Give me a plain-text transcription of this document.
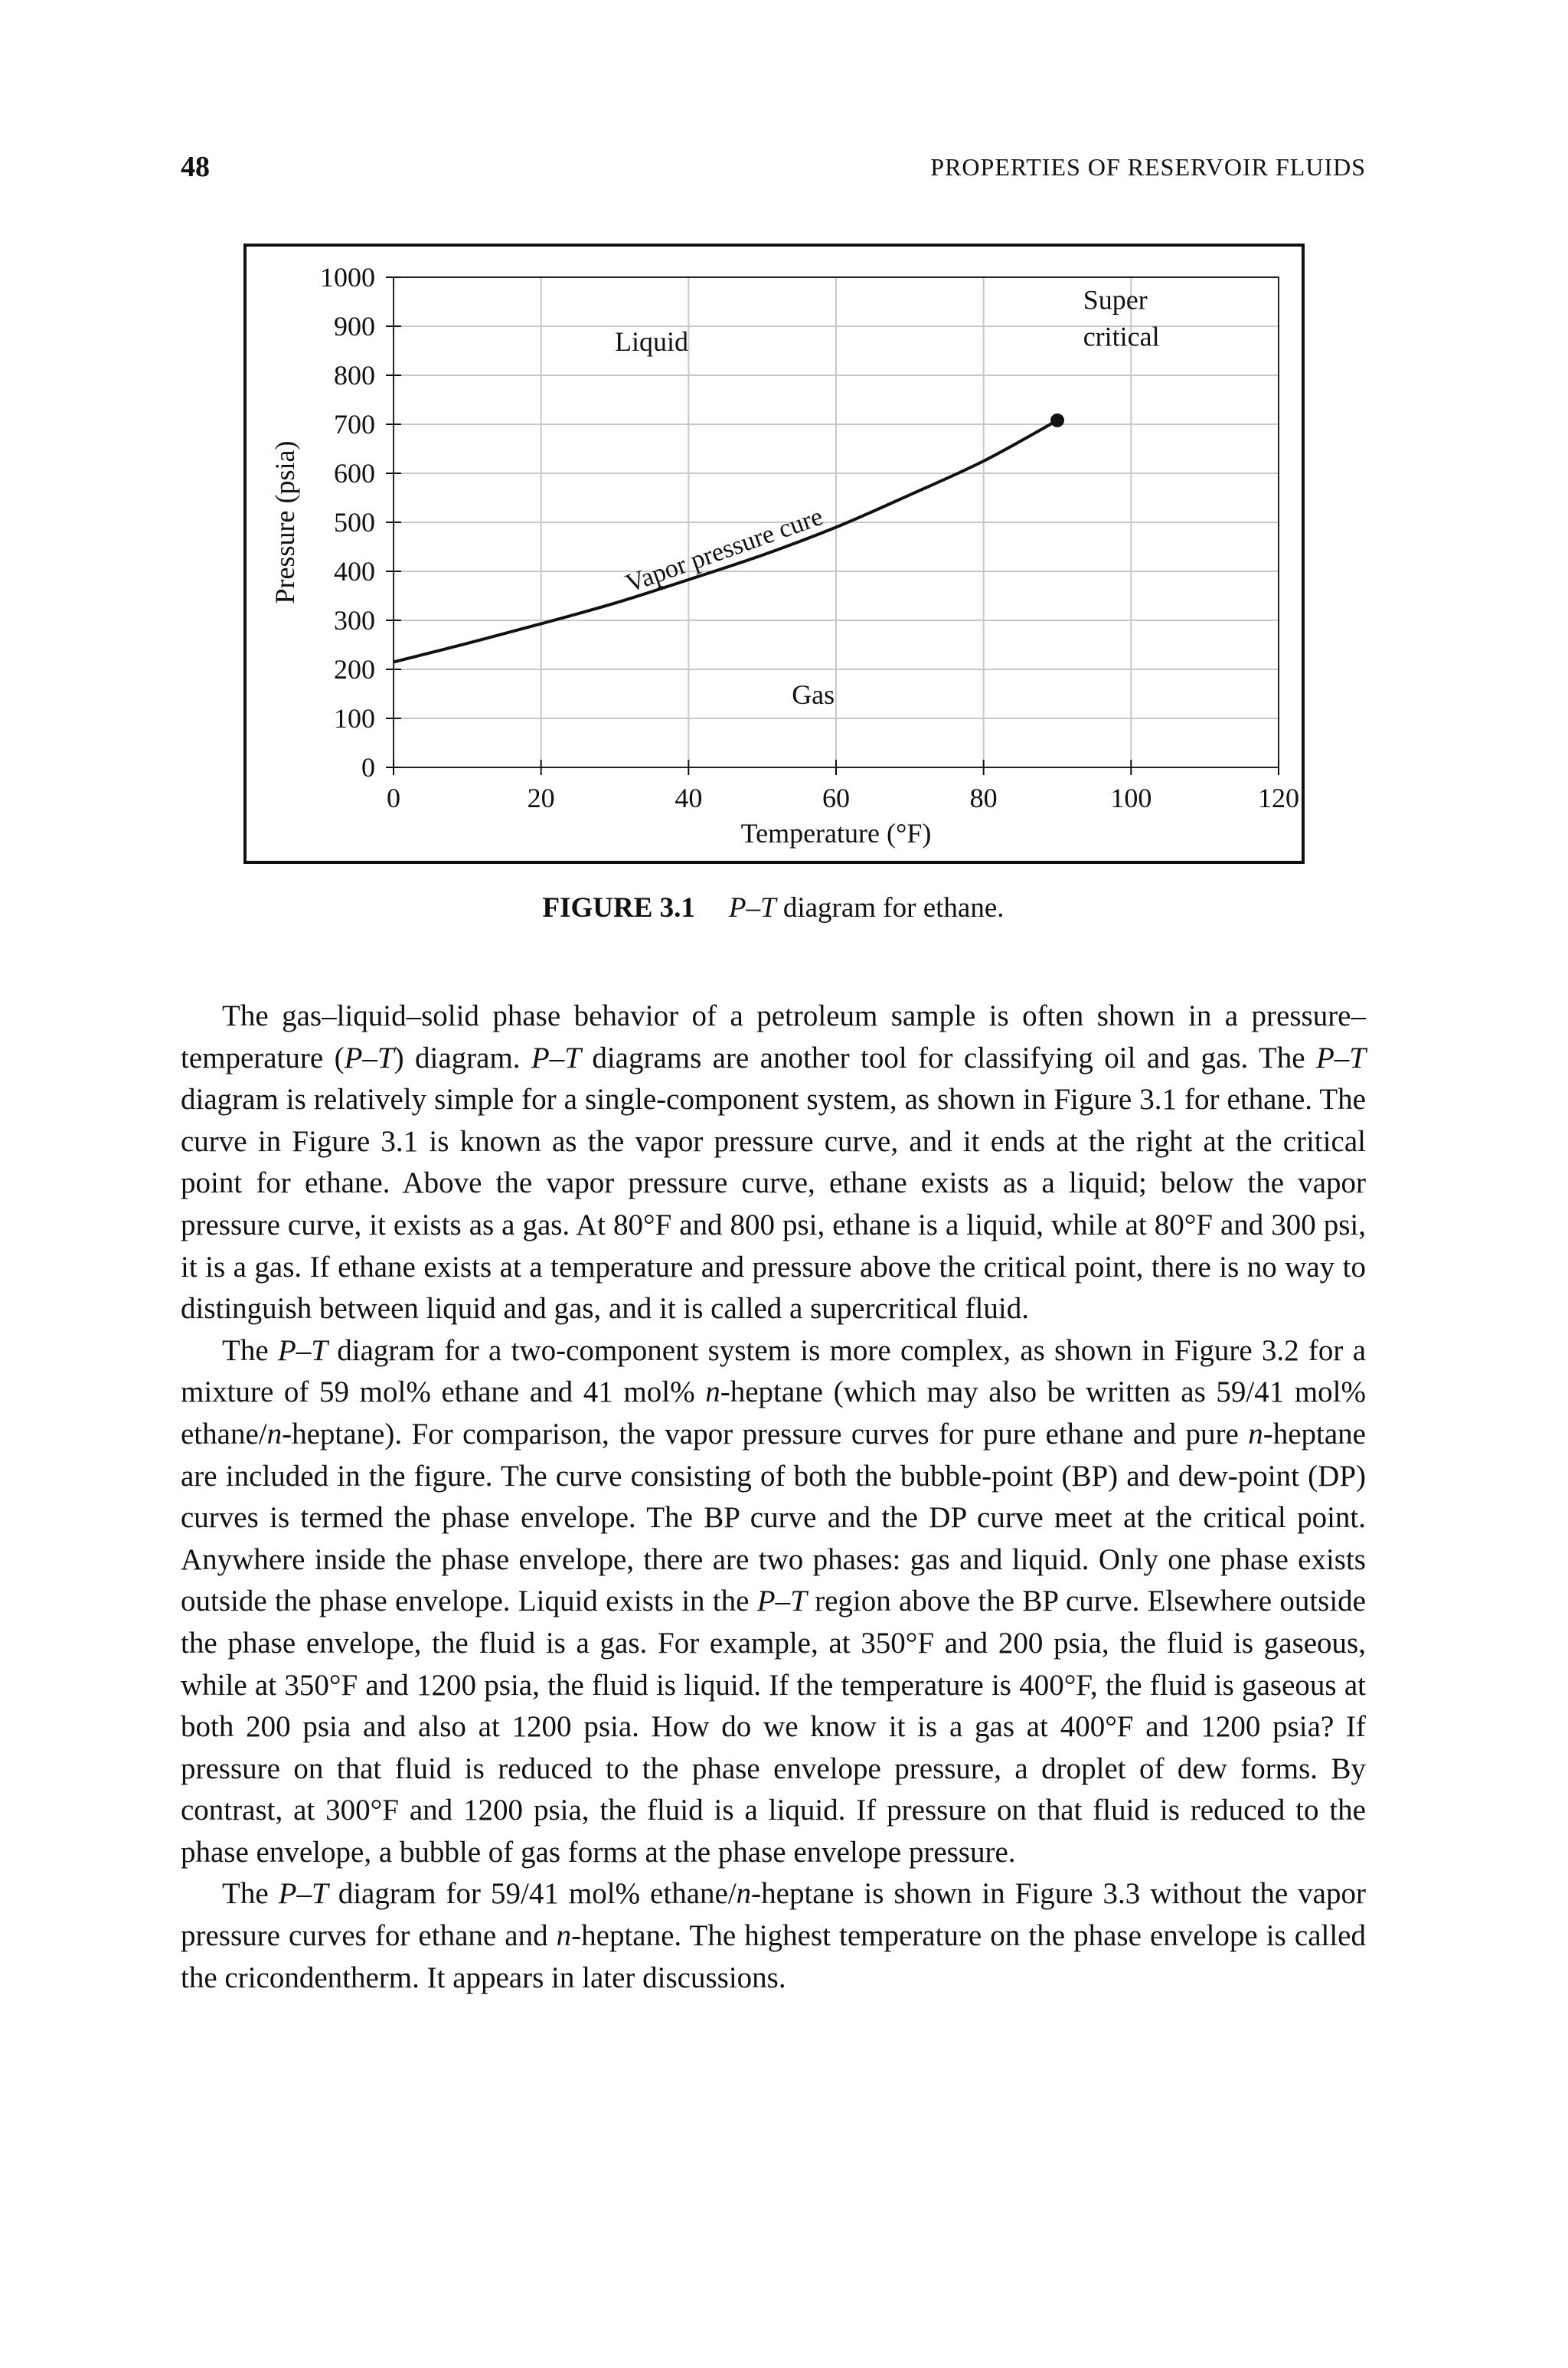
48	PROPERTIES OF RESERVOIR FLUIDS
0	20	40	60	80	100	120
0
100
200
300
400
500
600
700
800
900
1000
Temperature (°F)
Pressure (psia)	Vapor pressure cure
Liquid
Super
critical
Gas
FIGURE 3.1 P–T diagram for ethane.

The gas–liquid–solid phase behavior of a petroleum sample is often shown in a pressure–temperature (P–T) diagram. P–T diagrams are another tool for classifying oil and gas. The P–T diagram is relatively simple for a single-component system, as shown in Figure 3.1 for ethane. The curve in Figure 3.1 is known as the vapor pressure curve, and it ends at the right at the critical point for ethane. Above the vapor pressure curve, ethane exists as a liquid; below the vapor pressure curve, it exists as a gas. At 80°F and 800 psi, ethane is a liquid, while at 80°F and 300 psi, it is a gas. If ethane exists at a temperature and pressure above the critical point, there is no way to distinguish between liquid and gas, and it is called a supercritical fluid.

The P–T diagram for a two-component system is more complex, as shown in Figure 3.2 for a mixture of 59 mol% ethane and 41 mol% n-heptane (which may also be written as 59/41 mol% ethane/n-heptane). For comparison, the vapor pressure curves for pure ethane and pure n-heptane are included in the figure. The curve consisting of both the bubble-point (BP) and dew-point (DP) curves is termed the phase envelope. The BP curve and the DP curve meet at the critical point. Anywhere inside the phase envelope, there are two phases: gas and liquid. Only one phase exists outside the phase envelope. Liquid exists in the P–T region above the BP curve. Elsewhere outside the phase envelope, the fluid is a gas. For example, at 350°F and 200 psia, the fluid is gaseous, while at 350°F and 1200 psia, the fluid is liquid. If the temperature is 400°F, the fluid is gaseous at both 200 psia and also at 1200 psia. How do we know it is a gas at 400°F and 1200 psia? If pressure on that fluid is reduced to the phase envelope pressure, a droplet of dew forms. By contrast, at 300°F and 1200 psia, the fluid is a liquid. If pressure on that fluid is reduced to the phase envelope, a bubble of gas forms at the phase envelope pressure.

The P–T diagram for 59/41 mol% ethane/n-heptane is shown in Figure 3.3 without the vapor pressure curves for ethane and n-heptane. The highest temperature on the phase envelope is called the cricondentherm. It appears in later discussions.
